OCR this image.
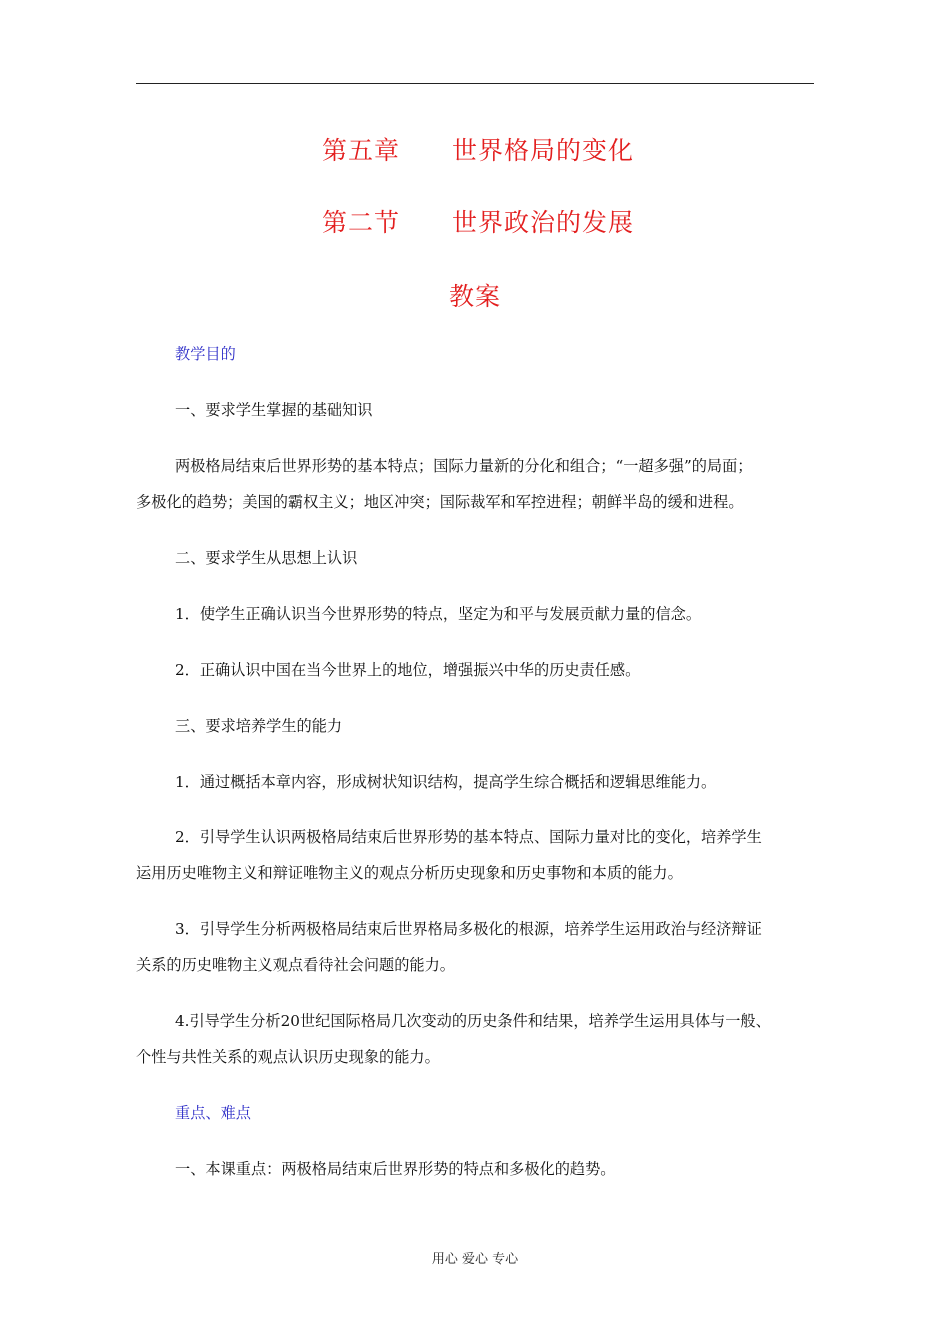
第五章 世界格局的变化
第二节 世界政治的发展
教案
教学目的
一、要求学生掌握的基础知识
两极格局结束后世界形势的基本特点；国际力量新的分化和组合；“一超多强”的局面；
多极化的趋势；美国的霸权主义；地区冲突；国际裁军和军控进程；朝鲜半岛的缓和进程。
二、要求学生从思想上认识
1．使学生正确认识当今世界形势的特点，坚定为和平与发展贡献力量的信念。
2．正确认识中国在当今世界上的地位，增强振兴中华的历史责任感。
三、要求培养学生的能力
1．通过概括本章内容，形成树状知识结构，提高学生综合概括和逻辑思维能力。
2．引导学生认识两极格局结束后世界形势的基本特点、国际力量对比的变化，培养学生
运用历史唯物主义和辩证唯物主义的观点分析历史现象和历史事物和本质的能力。
3．引导学生分析两极格局结束后世界格局多极化的根源，培养学生运用政治与经济辩证
关系的历史唯物主义观点看待社会问题的能力。
4.引导学生分析20世纪国际格局几次变动的历史条件和结果，培养学生运用具体与一般、
个性与共性关系的观点认识历史现象的能力。
重点、难点
一、本课重点：两极格局结束后世界形势的特点和多极化的趋势。
用心 爱心 专心
